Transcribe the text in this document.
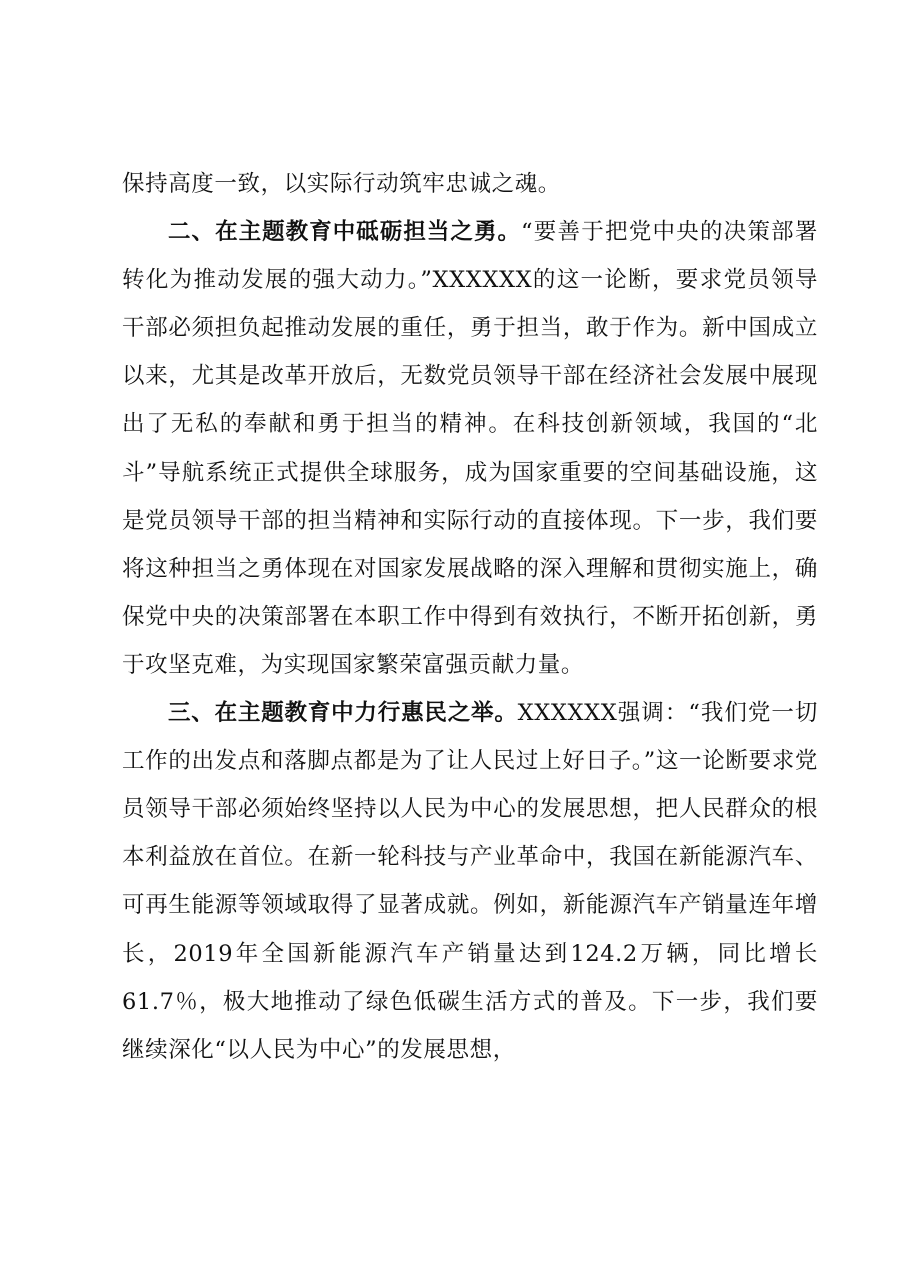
保持高度一致，以实际行动筑牢忠诚之魂。

二、在主题教育中砥砺担当之勇。“要善于把党中央的决策部署转化为推动发展的强大动力。”XXXXXX的这一论断，要求党员领导干部必须担负起推动发展的重任，勇于担当，敢于作为。新中国成立以来，尤其是改革开放后，无数党员领导干部在经济社会发展中展现出了无私的奉献和勇于担当的精神。在科技创新领域，我国的“北斗”导航系统正式提供全球服务，成为国家重要的空间基础设施，这是党员领导干部的担当精神和实际行动的直接体现。下一步，我们要将这种担当之勇体现在对国家发展战略的深入理解和贯彻实施上，确保党中央的决策部署在本职工作中得到有效执行，不断开拓创新，勇于攻坚克难，为实现国家繁荣富强贡献力量。

三、在主题教育中力行惠民之举。XXXXXX强调：“我们党一切工作的出发点和落脚点都是为了让人民过上好日子。”这一论断要求党员领导干部必须始终坚持以人民为中心的发展思想，把人民群众的根本利益放在首位。在新一轮科技与产业革命中，我国在新能源汽车、可再生能源等领域取得了显著成就。例如，新能源汽车产销量连年增长，2019年全国新能源汽车产销量达到124.2万辆，同比增长61.7％，极大地推动了绿色低碳生活方式的普及。下一步，我们要继续深化“以人民为中心”的发展思想，
